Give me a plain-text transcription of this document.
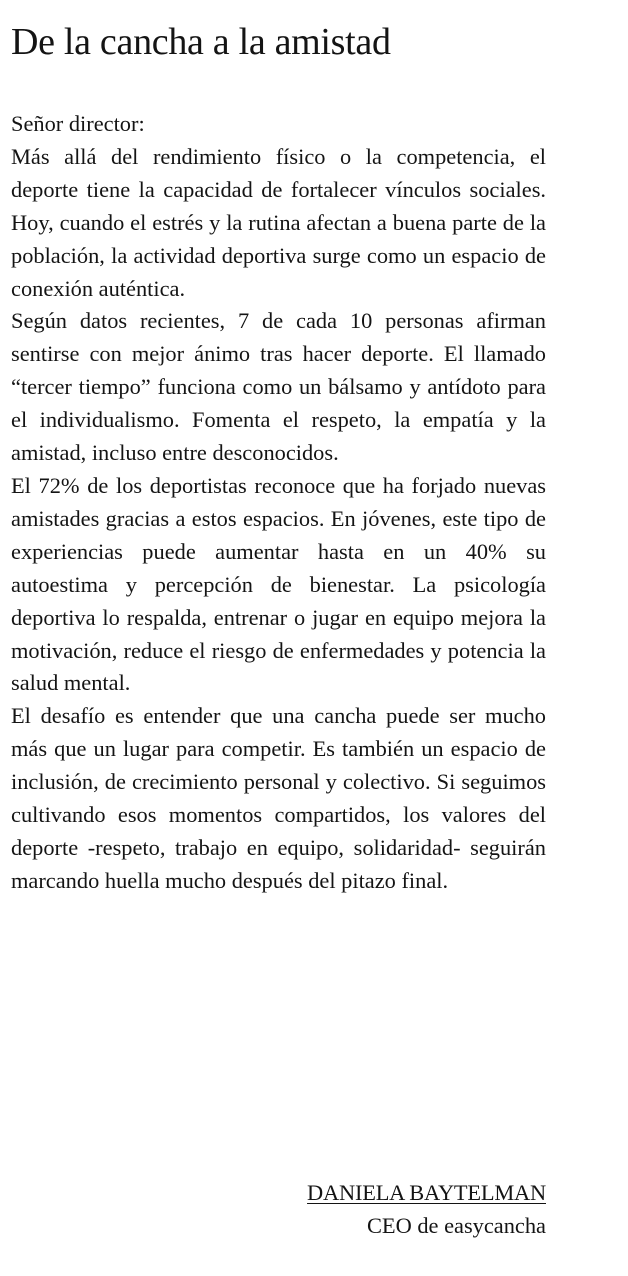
De la cancha a la amistad

Señor director:

Más allá del rendimiento físico o la competencia, el deporte tiene la capacidad de fortalecer vínculos sociales. Hoy, cuando el estrés y la rutina afectan a buena parte de la población, la actividad deportiva surge como un espacio de conexión auténtica.

Según datos recientes, 7 de cada 10 personas afirman sentirse con mejor ánimo tras hacer deporte. El llamado “tercer tiempo” funciona como un bálsamo y antídoto para el individualismo. Fomenta el respeto, la empatía y la amistad, incluso entre desconocidos.

El 72% de los deportistas reconoce que ha forjado nuevas amistades gracias a estos espacios. En jóvenes, este tipo de experiencias puede aumentar hasta en un 40% su autoestima y percepción de bienestar. La psicología deportiva lo respalda, entrenar o jugar en equipo mejora la motivación, reduce el riesgo de enfermedades y potencia la salud mental.

El desafío es entender que una cancha puede ser mucho más que un lugar para competir. Es también un espacio de inclusión, de crecimiento personal y colectivo. Si seguimos cultivando esos momentos compartidos, los valores del deporte -respeto, trabajo en equipo, solidaridad- seguirán marcando huella mucho después del pitazo final.

DANIELA BAYTELMAN
CEO de easycancha
